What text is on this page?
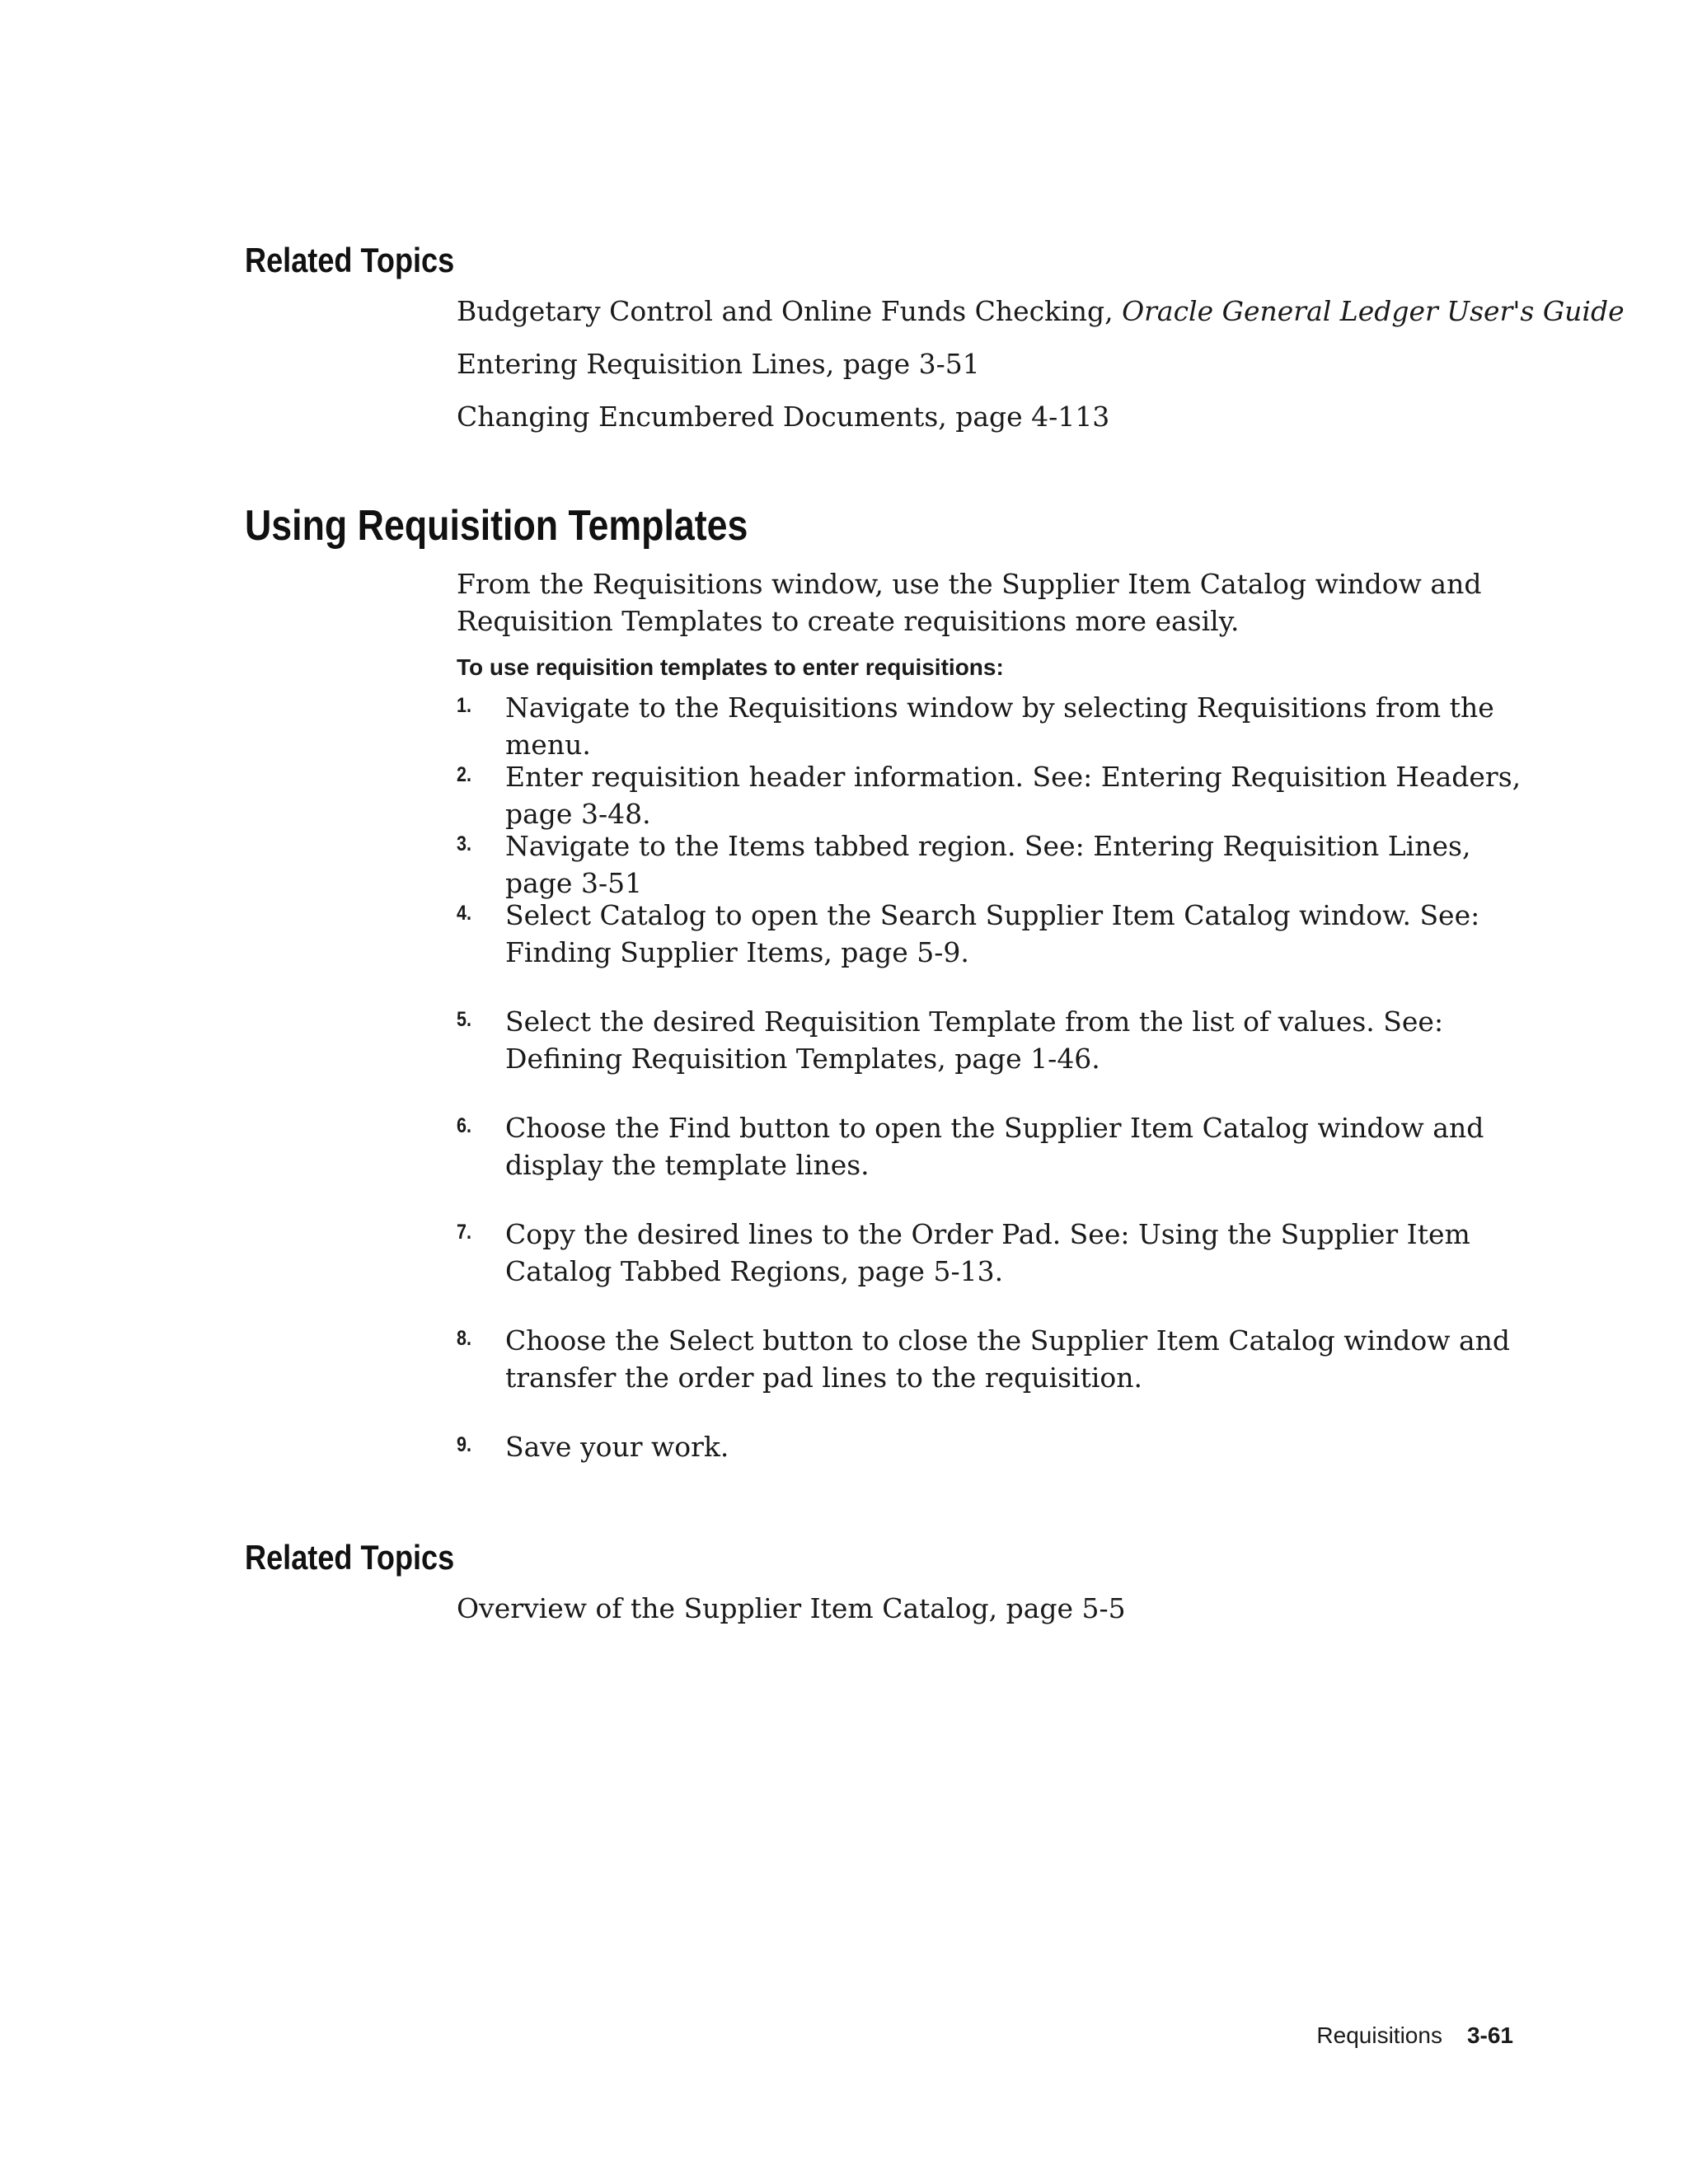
Related Topics
Budgetary Control and Online Funds Checking, Oracle General Ledger User's Guide
Entering Requisition Lines, page 3-51
Changing Encumbered Documents, page 4-113
Using Requisition Templates

From the Requisitions window, use the Supplier Item Catalog window and Requisition Templates to create requisitions more easily.

To use requisition templates to enter requisitions:
1. Navigate to the Requisitions window by selecting Requisitions from the menu.

2. Enter requisition header information. See: Entering Requisition Headers, page 3-48.

3. Navigate to the Items tabbed region. See: Entering Requisition Lines, page 3-51

4. Select Catalog to open the Search Supplier Item Catalog window. See: Finding Supplier Items, page 5-9.

5. Select the desired Requisition Template from the list of values. See: Defining Requisition Templates, page 1-46.

6. Choose the Find button to open the Supplier Item Catalog window and display the template lines.

7. Copy the desired lines to the Order Pad. See: Using the Supplier Item Catalog Tabbed Regions, page 5-13.

8. Choose the Select button to close the Supplier Item Catalog window and transfer the order pad lines to the requisition.

9. Save your work.

Related Topics
Overview of the Supplier Item Catalog, page 5-5
Requisitions 3-61
